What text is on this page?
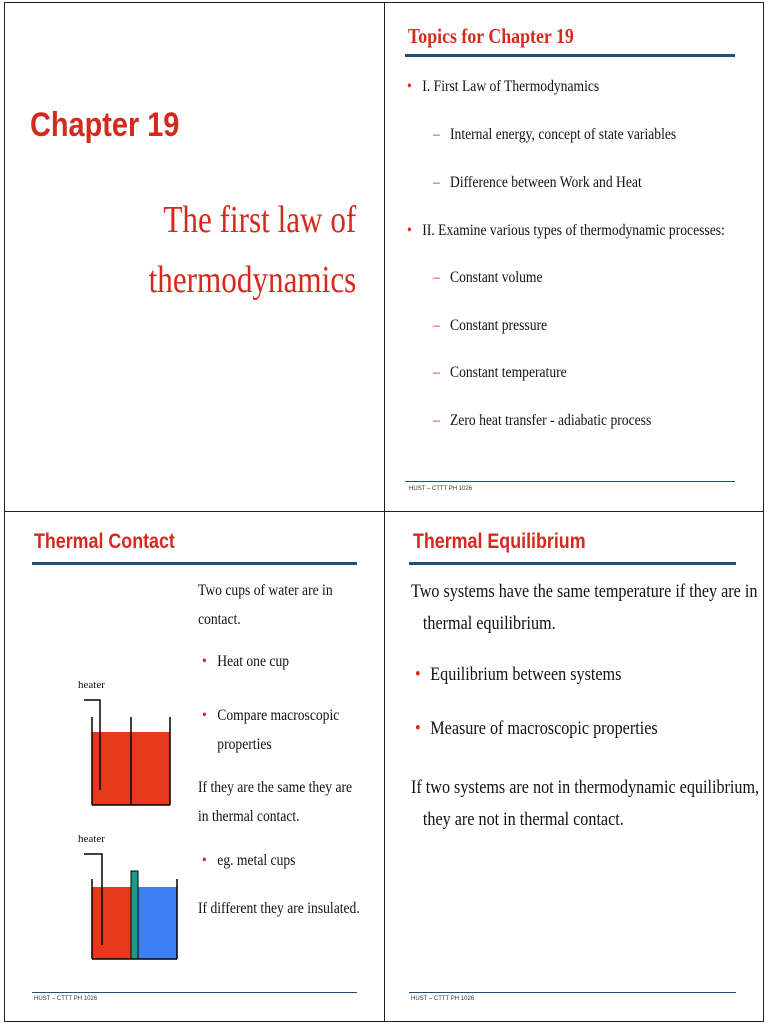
Chapter 19
The first law of
thermodynamics
Topics for Chapter 19
• I. First Law of Thermodynamics
– Internal energy, concept of state variables
– Difference between Work and Heat
• II. Examine various types of thermodynamic processes:
– Constant volume
– Constant pressure
– Constant temperature
– Zero heat transfer - adiabatic process
HUST – CTTT PH 1026
Thermal Contact
Two cups of water are in
contact.
• Heat one cup
• Compare macroscopic
properties
If they are the same they are
in thermal contact.
• eg. metal cups
If different they are insulated.
heater
heater
HUST – CTTT PH 1026
Thermal Equilibrium
Two systems have the same temperature if they are in
thermal equilibrium.
• Equilibrium between systems
• Measure of macroscopic properties
If two systems are not in thermodynamic equilibrium,
they are not in thermal contact.
HUST – CTTT PH 1026
